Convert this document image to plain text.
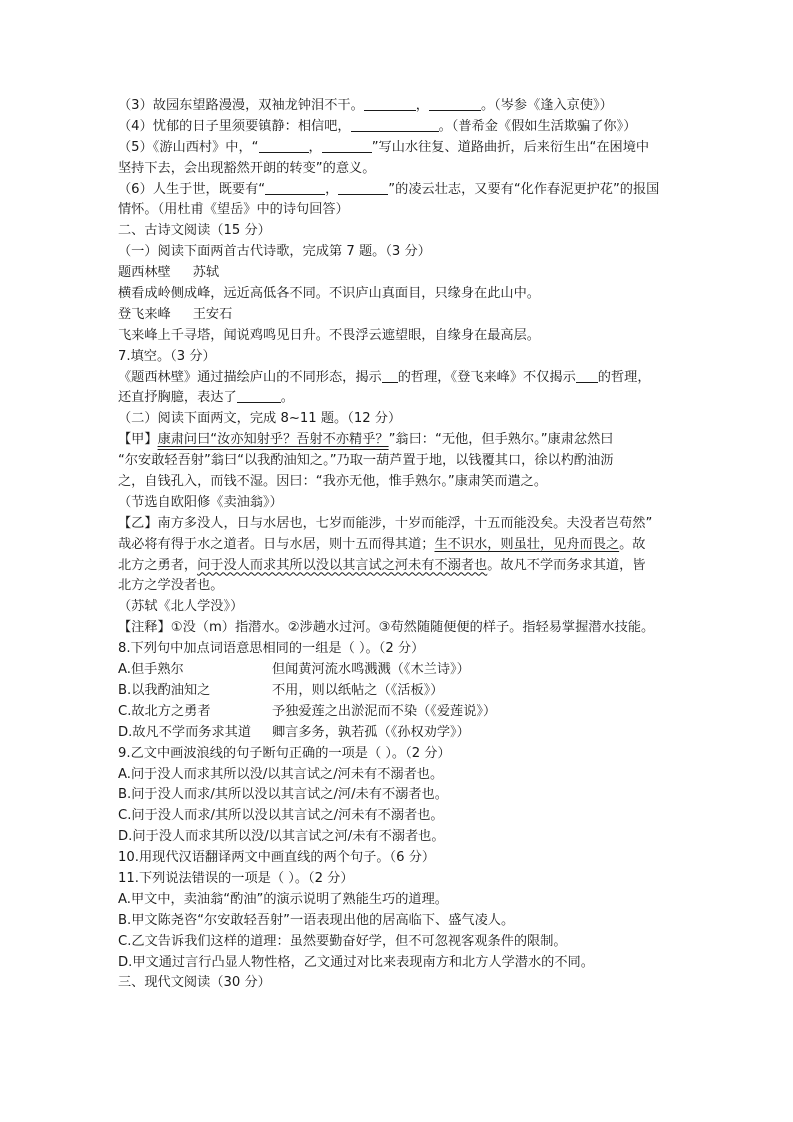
（3）故园东望路漫漫，双袖龙钟泪不干。	，	。（岑参《逢入京使》）
（4）忧郁的日子里须要镇静：相信吧，	。（普希金《假如生活欺骗了你》）
（5）《游山西村》中，“	，	”写山水往复、道路曲折，后来衍生出“在困境中
坚持下去，会出现豁然开朗的转变”的意义。
（6）人生于世，既要有“	，	”的凌云壮志，又要有“化作春泥更护花”的报国
情怀。（用杜甫《望岳》中的诗句回答）
二、古诗文阅读（15 分）
（一）阅读下面两首古代诗歌，完成第 7 题。（3 分）
题西林壁 苏轼
横看成岭侧成峰，远近高低各不同。不识庐山真面目，只缘身在此山中。
登飞来峰 王安石
飞来峰上千寻塔，闻说鸡鸣见日升。不畏浮云遮望眼，自缘身在最高层。
7.填空。（3 分）
《题西林壁》通过描绘庐山的不同形态，揭示 的哲理，《登飞来峰》不仅揭示 的哲理，
还直抒胸臆，表达了	。
（二）阅读下面两文，完成 8~11 题。（12 分）
【甲】康肃问曰“汝亦知射乎？吾射不亦精乎？”翁曰：“无他，但手熟尔。”康肃忿然曰
“尔安敢轻吾射”翁曰“以我酌油知之。”乃取一葫芦置于地，以钱覆其口，徐以杓酌油沥
之，自钱孔入，而钱不湿。因曰：“我亦无他，惟手熟尔。”康肃笑而遣之。
（节选自欧阳修《卖油翁》）
【乙】南方多没人，日与水居也，七岁而能涉，十岁而能浮，十五而能没矣。夫没者岂苟然”
哉必将有得于水之道者。日与水居，则十五而得其道；生不识水，则虽壮，见舟而畏之。故
北方之勇者，问于没人而求其所以没以其言试之河未有不溺者也。故凡不学而务求其道，皆
北方之学没者也。
（苏轼《北人学没》）
【注释】①没（m）指潜水。②涉趟水过河。③苟然随随便便的样子。指轻易掌握潜水技能。
8.下列句中加点词语意思相同的一组是（ ）。（2 分）
A.但手熟尔	但闻黄河流水鸣溅溅（《木兰诗》）
B.以我酌油知之	不用，则以纸帖之（《活板》）
C.故北方之勇者	予独爱莲之出淤泥而不染（《爱莲说》）
D.故凡不学而务求其道 卿言多务，孰若孤（《孙权劝学》）
9.乙文中画波浪线的句子断句正确的一项是（ ）。（2 分）
A.问于没人而求其所以没/以其言试之/河未有不溺者也。
B.问于没人而求/其所以没以其言试之/河/未有不溺者也。
C.问于没人而求/其所以没以其言试之/河未有不溺者也。
D.问于没人而求其所以没/以其言试之河/未有不溺者也。
10.用现代汉语翻译两文中画直线的两个句子。（6 分）
11.下列说法错误的一项是（ ）。（2 分）
A.甲文中，卖油翁“酌油”的演示说明了熟能生巧的道理。
B.甲文陈尧咨“尔安敢轻吾射”一语表现出他的居高临下、盛气凌人。
C.乙文告诉我们这样的道理：虽然要勤奋好学，但不可忽视客观条件的限制。
D.甲文通过言行凸显人物性格，乙文通过对比来表现南方和北方人学潜水的不同。
三、现代文阅读（30 分）
